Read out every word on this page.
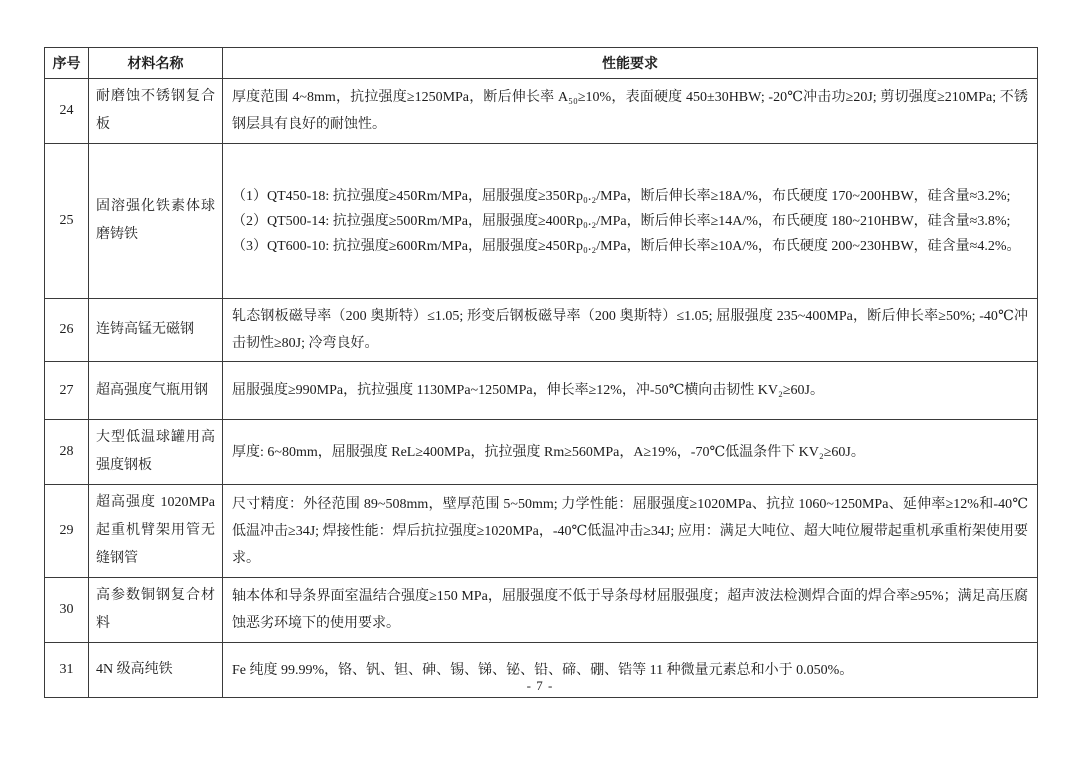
序号	材料名称	性能要求
24	耐磨蚀不锈钢复合板	厚度范围 4~8mm，抗拉强度≥1250MPa，断后伸长率 A₅₀≥10%，表面硬度 450±30HBW; -20℃冲击功≥20J; 剪切强度≥210MPa; 不锈钢层具有良好的耐蚀性。

25	固溶强化铁素体球磨铸铁	（1）QT450-18: 抗拉强度≥450Rm/MPa，屈服强度≥350Rp₀.₂/MPa，断后伸长率≥18A/%，布氏硬度 170~200HBW，硅含量≈3.2%;
（2）QT500-14: 抗拉强度≥500Rm/MPa，屈服强度≥400Rp₀.₂/MPa，断后伸长率≥14A/%，布氏硬度 180~210HBW，硅含量≈3.8%;
（3）QT600-10: 抗拉强度≥600Rm/MPa，屈服强度≥450Rp₀.₂/MPa，断后伸长率≥10A/%，布氏硬度 200~230HBW，硅含量≈4.2%。

26	连铸高锰无磁钢	轧态钢板磁导率（200 奥斯特）≤1.05; 形变后钢板磁导率（200 奥斯特）≤1.05; 屈服强度 235~400MPa，断后伸长率≥50%; -40℃冲击韧性≥80J; 冷弯良好。

27	超高强度气瓶用钢	屈服强度≥990MPa，抗拉强度 1130MPa~1250MPa，伸长率≥12%，冲-50℃横向击韧性 KV₂≥60J。

28	大型低温球罐用高强度钢板	厚度: 6~80mm，屈服强度 ReL≥400MPa，抗拉强度 Rm≥560MPa，A≥19%，-70℃低温条件下 KV₂≥60J。

29	超高强度 1020MPa 起重机臂架用管无缝钢管	尺寸精度：外径范围 89~508mm，壁厚范围 5~50mm; 力学性能：屈服强度≥1020MPa、抗拉 1060~1250MPa、延伸率≥12%和-40℃低温冲击≥34J; 焊接性能：焊后抗拉强度≥1020MPa，-40℃低温冲击≥34J; 应用：满足大吨位、超大吨位履带起重机承重桁架使用要求。

30	高参数铜钢复合材料	轴本体和导条界面室温结合强度≥150 MPa，屈服强度不低于导条母材屈服强度；超声波法检测焊合面的焊合率≥95%；满足高压腐蚀恶劣环境下的使用要求。

31	4N 级高纯铁	Fe 纯度 99.99%，铬、钒、钽、砷、锡、锑、铋、铅、碲、硼、锆等 11 种微量元素总和小于 0.050%。
- 7 -
